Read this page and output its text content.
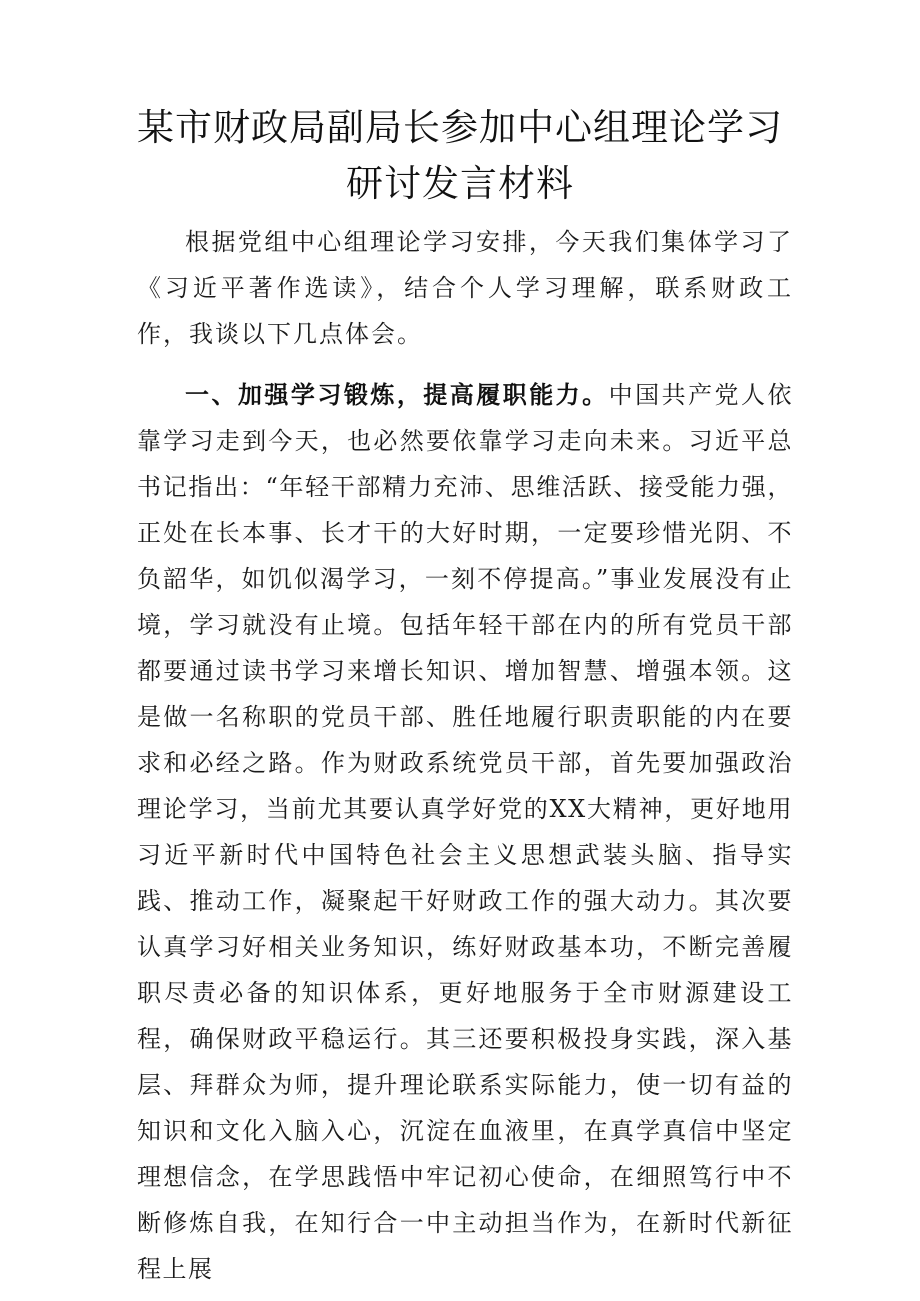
某市财政局副局长参加中心组理论学习研讨发言材料

根据党组中心组理论学习安排，今天我们集体学习了《习近平著作选读》，结合个人学习理解，联系财政工作，我谈以下几点体会。

一、加强学习锻炼，提高履职能力。中国共产党人依靠学习走到今天，也必然要依靠学习走向未来。习近平总书记指出：“年轻干部精力充沛、思维活跃、接受能力强，正处在长本事、长才干的大好时期，一定要珍惜光阴、不负韶华，如饥似渴学习，一刻不停提高。”事业发展没有止境，学习就没有止境。包括年轻干部在内的所有党员干部都要通过读书学习来增长知识、增加智慧、增强本领。这是做一名称职的党员干部、胜任地履行职责职能的内在要求和必经之路。作为财政系统党员干部，首先要加强政治理论学习，当前尤其要认真学好党的XX大精神，更好地用习近平新时代中国特色社会主义思想武装头脑、指导实践、推动工作，凝聚起干好财政工作的强大动力。其次要认真学习好相关业务知识，练好财政基本功，不断完善履职尽责必备的知识体系，更好地服务于全市财源建设工程，确保财政平稳运行。其三还要积极投身实践，深入基层、拜群众为师，提升理论联系实际能力，使一切有益的知识和文化入脑入心，沉淀在血液里，在真学真信中坚定理想信念，在学思践悟中牢记初心使命，在细照笃行中不断修炼自我，在知行合一中主动担当作为，在新时代新征程上展
